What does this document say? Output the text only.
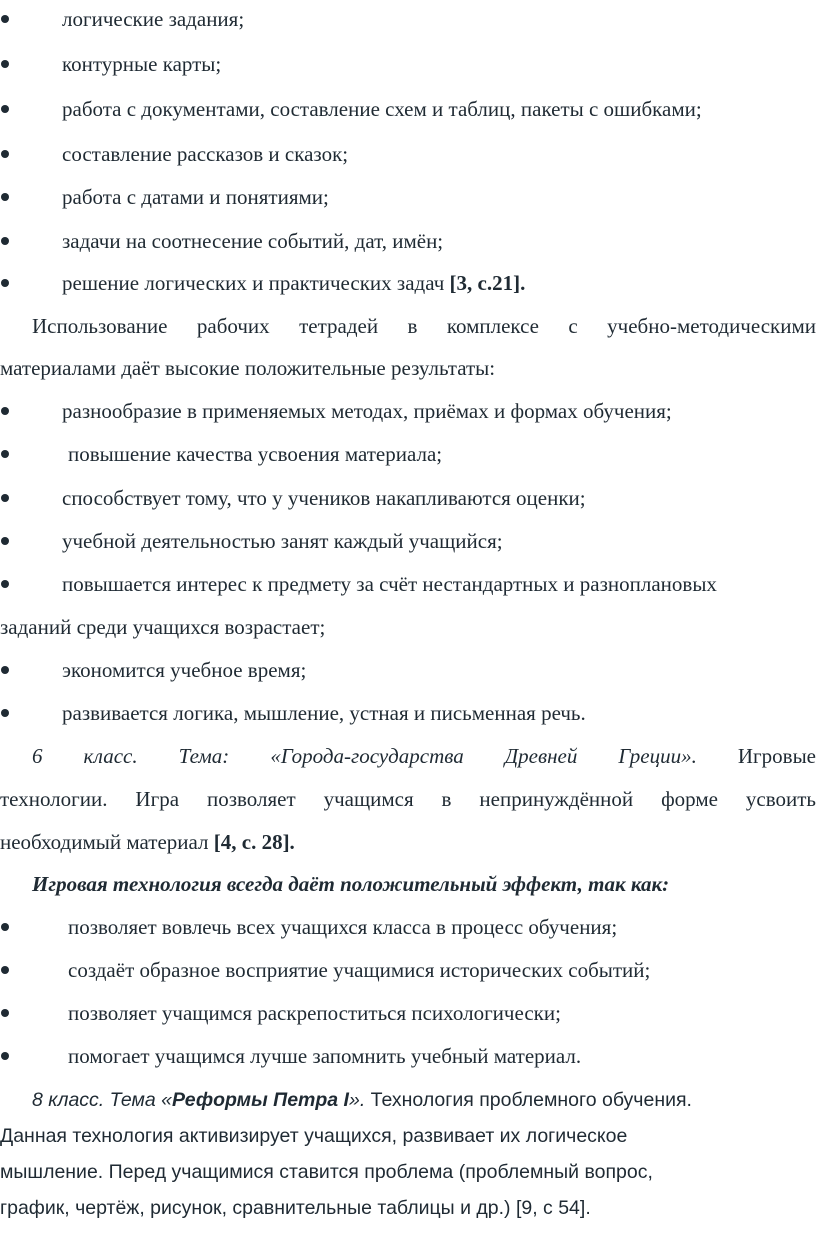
логические задания;
контурные карты;
работа с документами, составление схем и таблиц, пакеты с ошибками;
составление рассказов и сказок;
работа с датами и понятиями;
задачи на соотнесение событий, дат, имён;
решение логических и практических задач [3, с.21].
Использование рабочих тетрадей в комплексе с учебно-методическими
материалами даёт высокие положительные результаты:
разнообразие в применяемых методах, приёмах и формах обучения;
повышение качества усвоения материала;
способствует тому, что у учеников накапливаются оценки;
учебной деятельностью занят каждый учащийся;
повышается интерес к предмету за счёт нестандартных и разноплановых
заданий среди учащихся возрастает;
экономится учебное время;
развивается логика, мышление, устная и письменная речь.
6 класс. Тема: «Города-государства Древней Греции». Игровые
технологии. Игра позволяет учащимся в непринуждённой форме усвоить
необходимый материал [4, с. 28].
Игровая технология всегда даёт положительный эффект, так как:
позволяет вовлечь всех учащихся класса в процесс обучения;
создаёт образное восприятие учащимися исторических событий;
позволяет учащимся раскрепоститься психологически;
помогает учащимся лучше запомнить учебный материал.
8 класс. Тема «Реформы Петра I». Технология проблемного обучения.
Данная технология активизирует учащихся, развивает их логическое
мышление. Перед учащимися ставится проблема (проблемный вопрос,
график, чертёж, рисунок, сравнительные таблицы и др.) [9, с 54].
